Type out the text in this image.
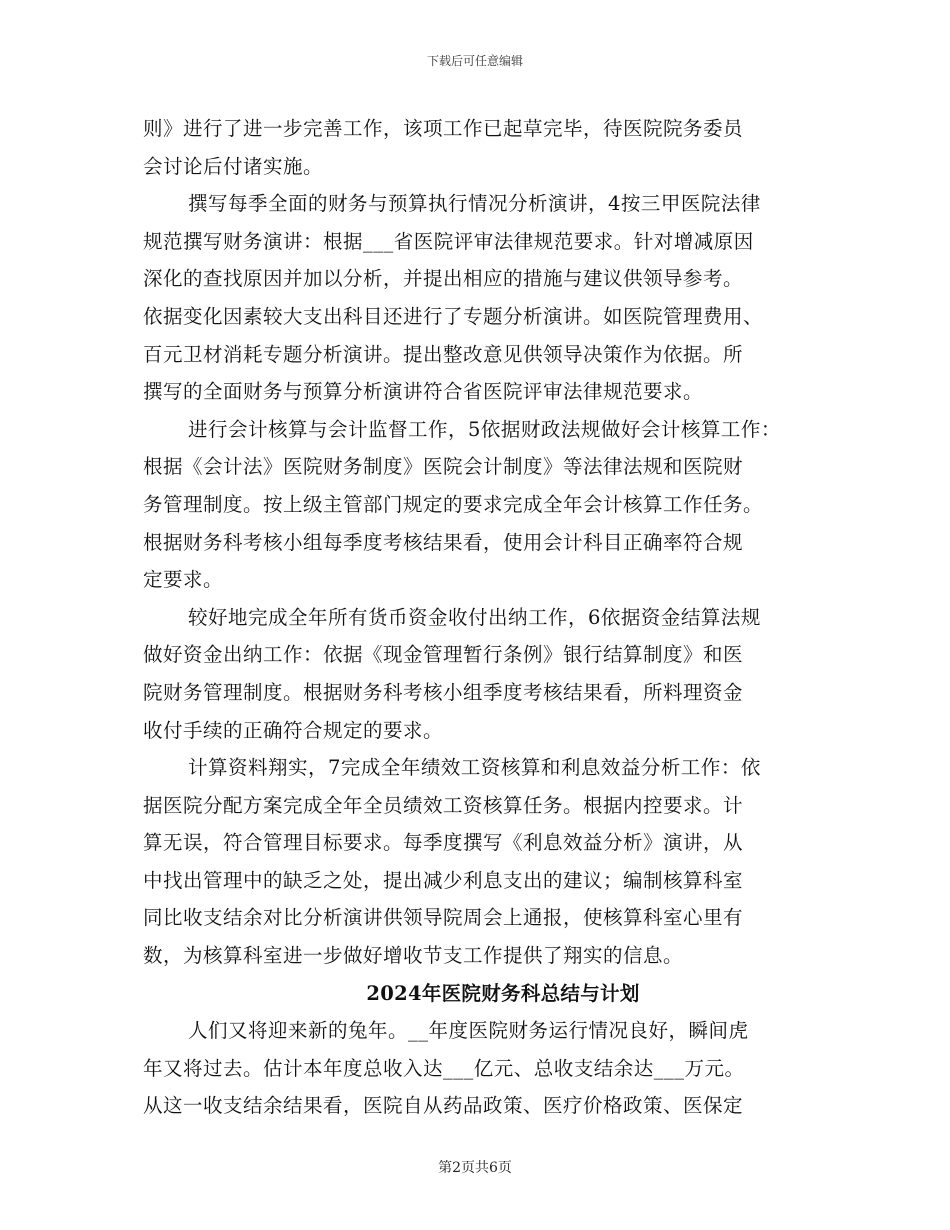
下载后可任意编辑
则》进行了进一步完善工作，该项工作已起草完毕，待医院院务委员
会讨论后付诸实施。
撰写每季全面的财务与预算执行情况分析演讲，4按三甲医院法律
规范撰写财务演讲：根据___省医院评审法律规范要求。针对增减原因
深化的查找原因并加以分析，并提出相应的措施与建议供领导参考。
依据变化因素较大支出科目还进行了专题分析演讲。如医院管理费用、
百元卫材消耗专题分析演讲。提出整改意见供领导决策作为依据。所
撰写的全面财务与预算分析演讲符合省医院评审法律规范要求。
进行会计核算与会计监督工作，5依据财政法规做好会计核算工作：
根据《会计法》医院财务制度》医院会计制度》等法律法规和医院财
务管理制度。按上级主管部门规定的要求完成全年会计核算工作任务。
根据财务科考核小组每季度考核结果看，使用会计科目正确率符合规
定要求。
较好地完成全年所有货币资金收付出纳工作，6依据资金结算法规
做好资金出纳工作：依据《现金管理暂行条例》银行结算制度》和医
院财务管理制度。根据财务科考核小组季度考核结果看，所料理资金
收付手续的正确符合规定的要求。
计算资料翔实，7完成全年绩效工资核算和利息效益分析工作：依
据医院分配方案完成全年全员绩效工资核算任务。根据内控要求。计
算无误，符合管理目标要求。每季度撰写《利息效益分析》演讲，从
中找出管理中的缺乏之处，提出减少利息支出的建议；编制核算科室
同比收支结余对比分析演讲供领导院周会上通报，使核算科室心里有
数，为核算科室进一步做好增收节支工作提供了翔实的信息。
2024年医院财务科总结与计划
人们又将迎来新的兔年。__年度医院财务运行情况良好，瞬间虎
年又将过去。估计本年度总收入达___亿元、总收支结余达___万元。
从这一收支结余结果看，医院自从药品政策、医疗价格政策、医保定
第2页共6页
